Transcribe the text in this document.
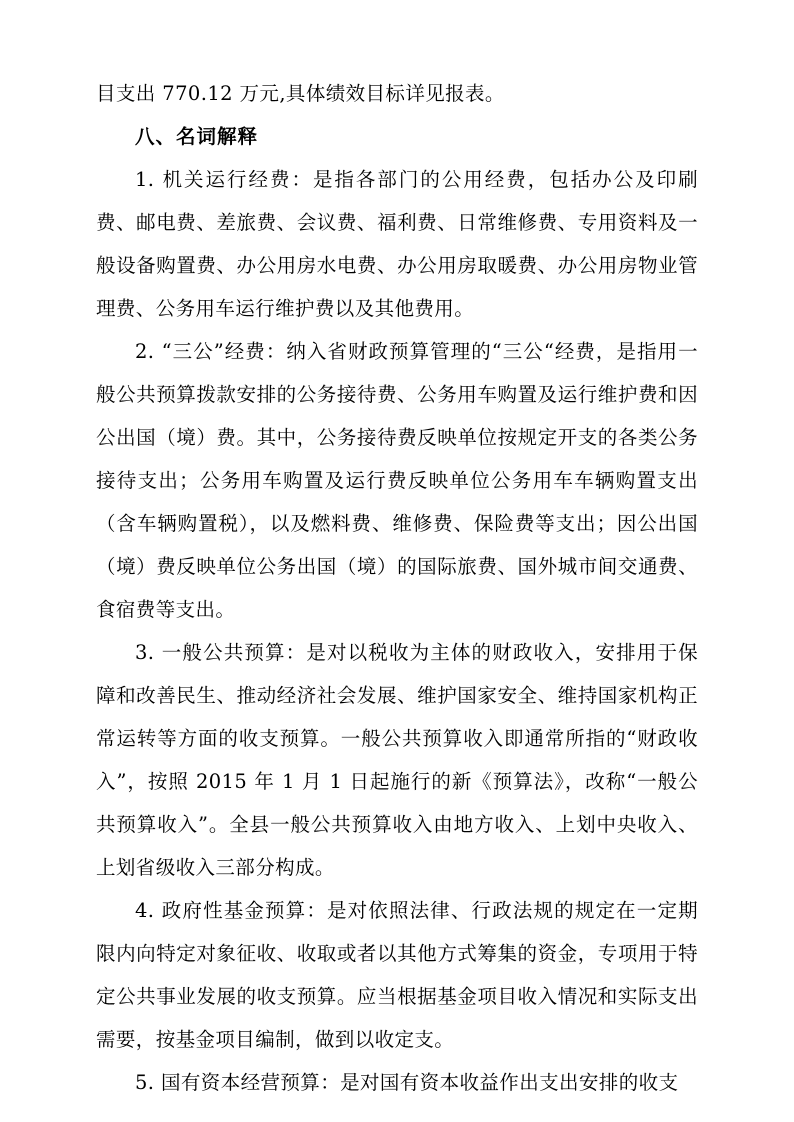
目支出 770.12 万元,具体绩效目标详见报表。

八、名词解释

1. 机关运行经费：是指各部门的公用经费，包括办公及印刷费、邮电费、差旅费、会议费、福利费、日常维修费、专用资料及一般设备购置费、办公用房水电费、办公用房取暖费、办公用房物业管理费、公务用车运行维护费以及其他费用。

2. “三公”经费：纳入省财政预算管理的“三公“经费，是指用一般公共预算拨款安排的公务接待费、公务用车购置及运行维护费和因公出国（境）费。其中，公务接待费反映单位按规定开支的各类公务接待支出；公务用车购置及运行费反映单位公务用车车辆购置支出（含车辆购置税），以及燃料费、维修费、保险费等支出；因公出国（境）费反映单位公务出国（境）的国际旅费、国外城市间交通费、食宿费等支出。

3. 一般公共预算：是对以税收为主体的财政收入，安排用于保障和改善民生、推动经济社会发展、维护国家安全、维持国家机构正常运转等方面的收支预算。一般公共预算收入即通常所指的“财政收入”，按照 2015 年 1 月 1 日起施行的新《预算法》，改称“一般公共预算收入”。全县一般公共预算收入由地方收入、上划中央收入、上划省级收入三部分构成。

4. 政府性基金预算：是对依照法律、行政法规的规定在一定期限内向特定对象征收、收取或者以其他方式筹集的资金，专项用于特定公共事业发展的收支预算。应当根据基金项目收入情况和实际支出需要，按基金项目编制，做到以收定支。

5. 国有资本经营预算：是对国有资本收益作出支出安排的收支
